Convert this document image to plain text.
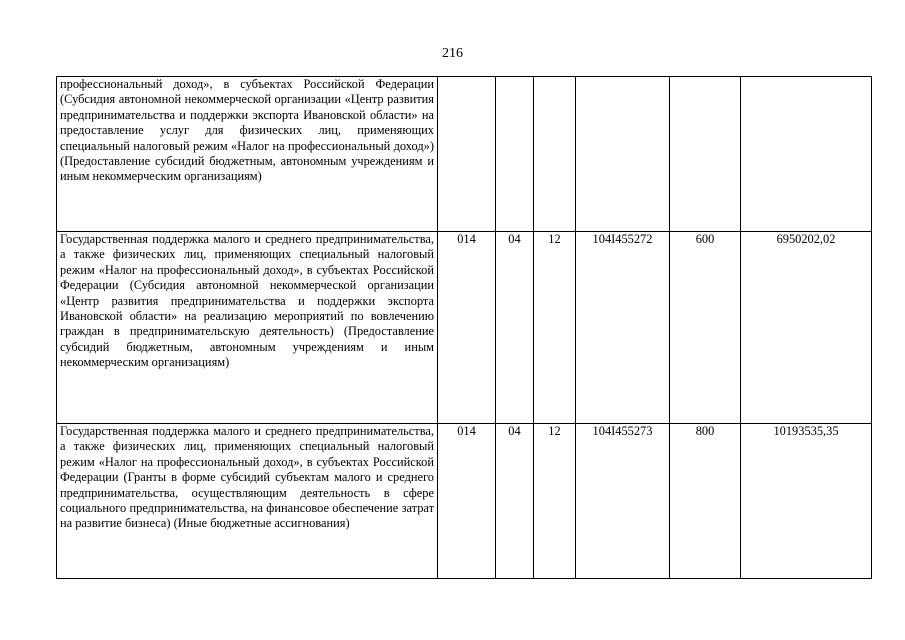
216
профессиональный доход», в субъектах Российской Федерации (Субсидия автономной некоммерческой организации «Центр развития предпринимательства и поддержки экспорта Ивановской области» на предоставление услуг для физических лиц, применяющих специальный налоговый режим «Налог на профессиональный доход») (Предоставление субсидий бюджетным, автономным учреждениям и иным некоммерческим организациям)						
Государственная поддержка малого и среднего предпринимательства, а также физических лиц, применяющих специальный налоговый режим «Налог на профессиональный доход», в субъектах Российской Федерации (Субсидия автономной некоммерческой организации «Центр развития предпринимательства и поддержки экспорта Ивановской области» на реализацию мероприятий по вовлечению граждан в предпринимательскую деятельность) (Предоставление субсидий бюджетным, автономным учреждениям и иным некоммерческим организациям)	014	04	12	104I455272	600	6950202,02
Государственная поддержка малого и среднего предпринимательства, а также физических лиц, применяющих специальный налоговый режим «Налог на профессиональный доход», в субъектах Российской Федерации (Гранты в форме субсидий субъектам малого и среднего предпринимательства, осуществляющим деятельность в сфере социального предпринимательства, на финансовое обеспечение затрат на развитие бизнеса) (Иные бюджетные ассигнования)	014	04	12	104I455273	800	10193535,35
